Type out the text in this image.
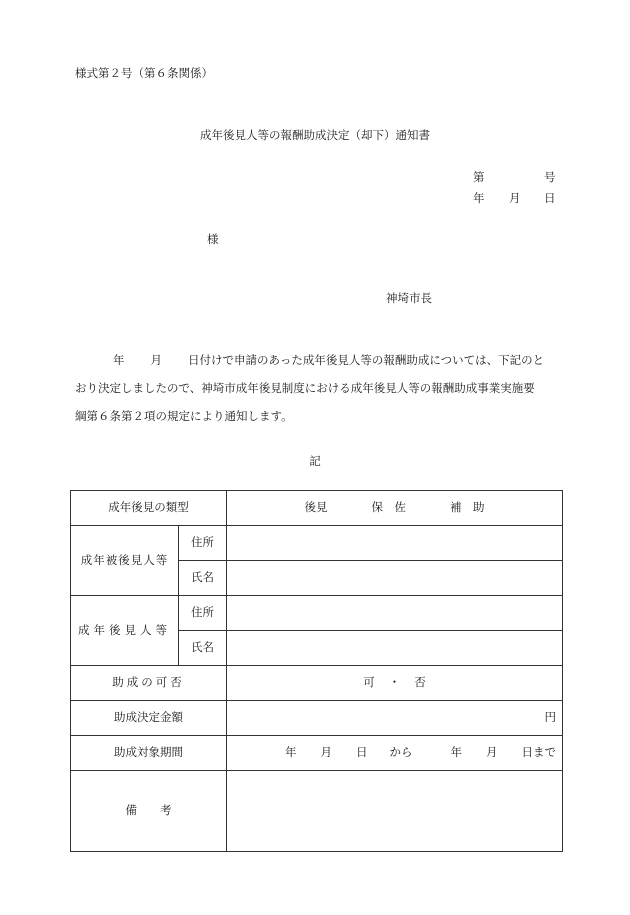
様式第２号（第６条関係）
成年後見人等の報酬助成決定（却下）通知書
第	号
年 月 日
様
神埼市長
年 月 日付けで申請のあった成年後見人等の報酬助成については、下記のと
おり決定しましたので、神埼市成年後見制度における成年後見人等の報酬助成事業実施要
綱第６条第２項の規定により通知します。
記
成年後見の類型		後見 保　佐 補　助
成年被後見人等	住所	
	氏名	
成年後見人等	住所	
	氏名	
助成の可否		可 ・ 否
助成決定金額		円
助成対象期間		年 月 日 から 年 月 日まで
備　　考		
